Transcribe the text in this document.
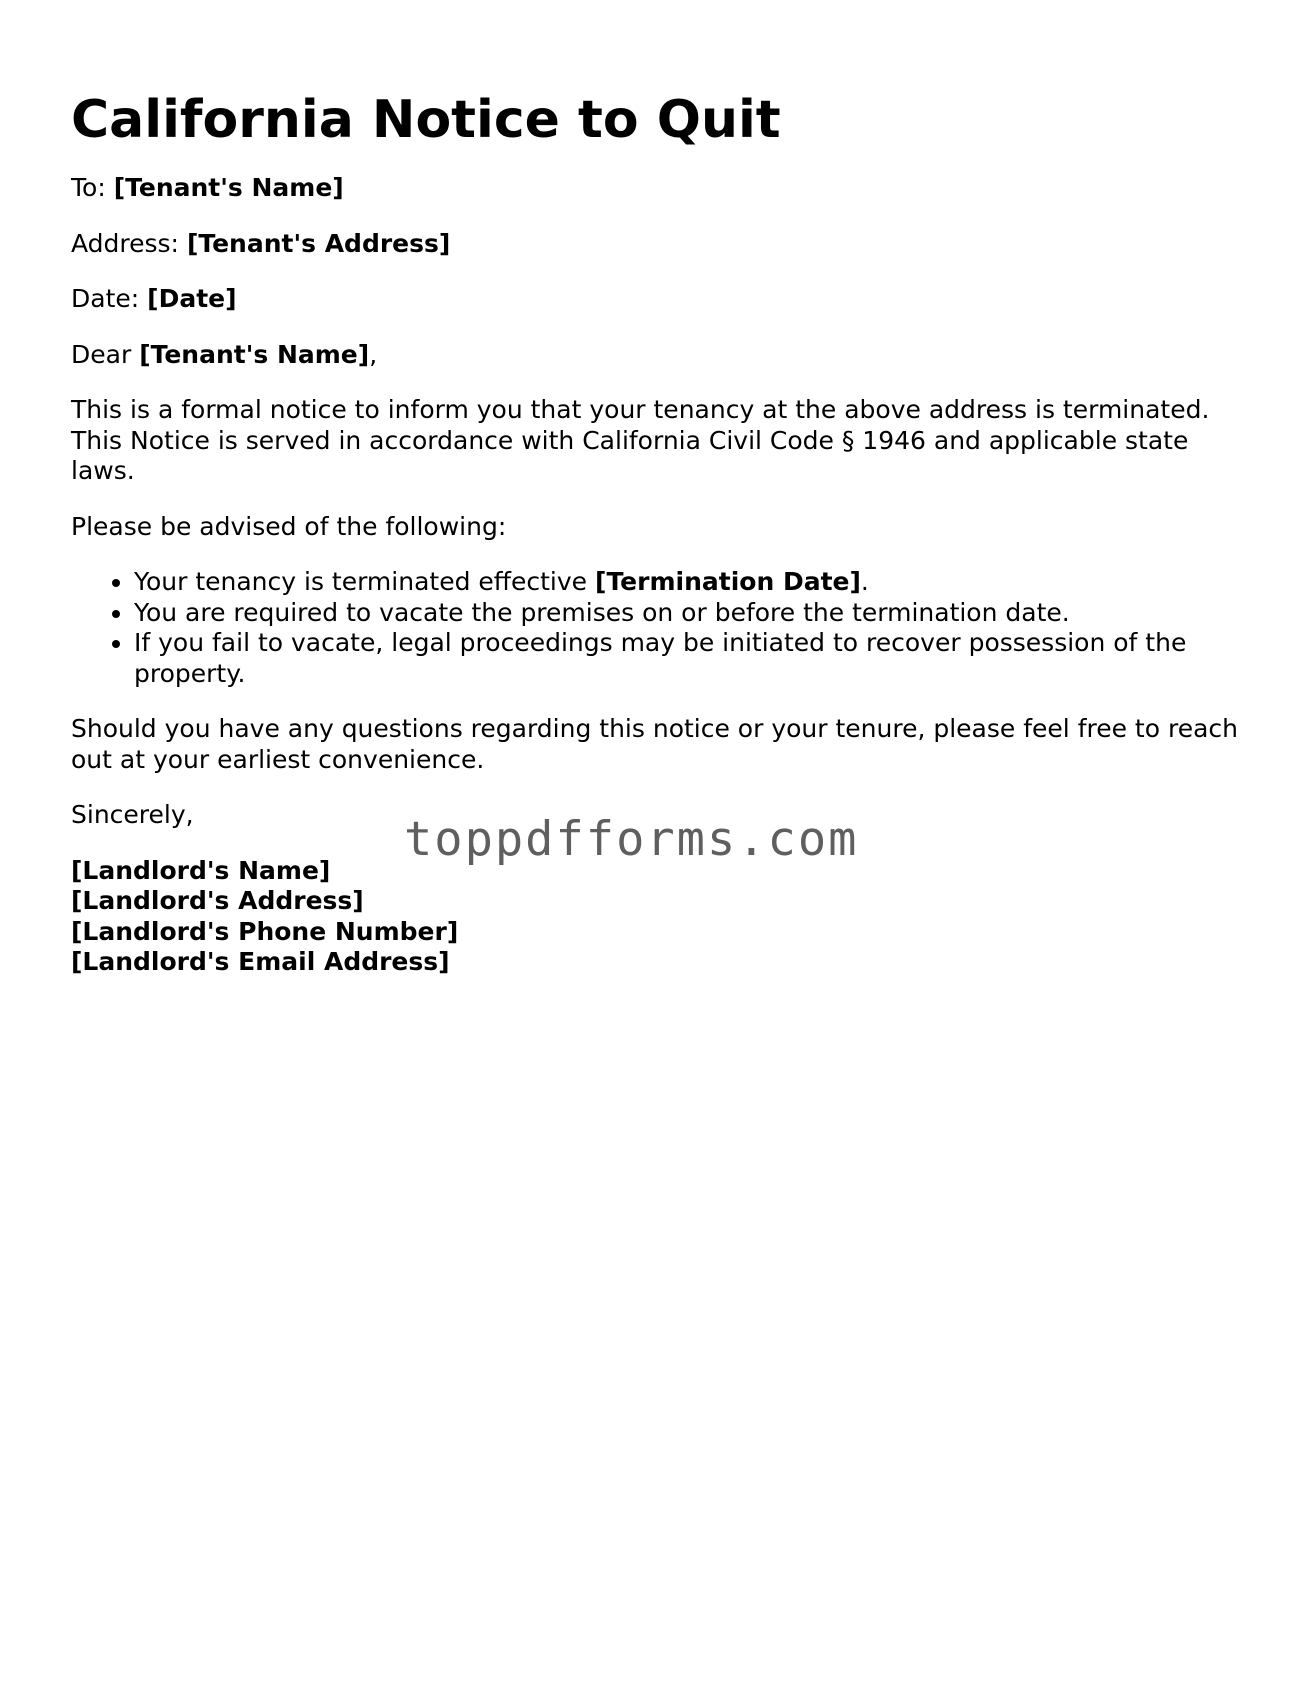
California Notice to Quit

To: [Tenant's Name]

Address: [Tenant's Address]

Date: [Date]

Dear [Tenant's Name],

This is a formal notice to inform you that your tenancy at the above address is terminated. This Notice is served in accordance with California Civil Code § 1946 and applicable state laws.

Please be advised of the following:

• Your tenancy is terminated effective [Termination Date].
• You are required to vacate the premises on or before the termination date.
• If you fail to vacate, legal proceedings may be initiated to recover possession of the property.

Should you have any questions regarding this notice or your tenure, please feel free to reach out at your earliest convenience.

Sincerely,

[Landlord's Name]

[Landlord's Address]

[Landlord's Phone Number]

[Landlord's Email Address]

toppdfforms.com
